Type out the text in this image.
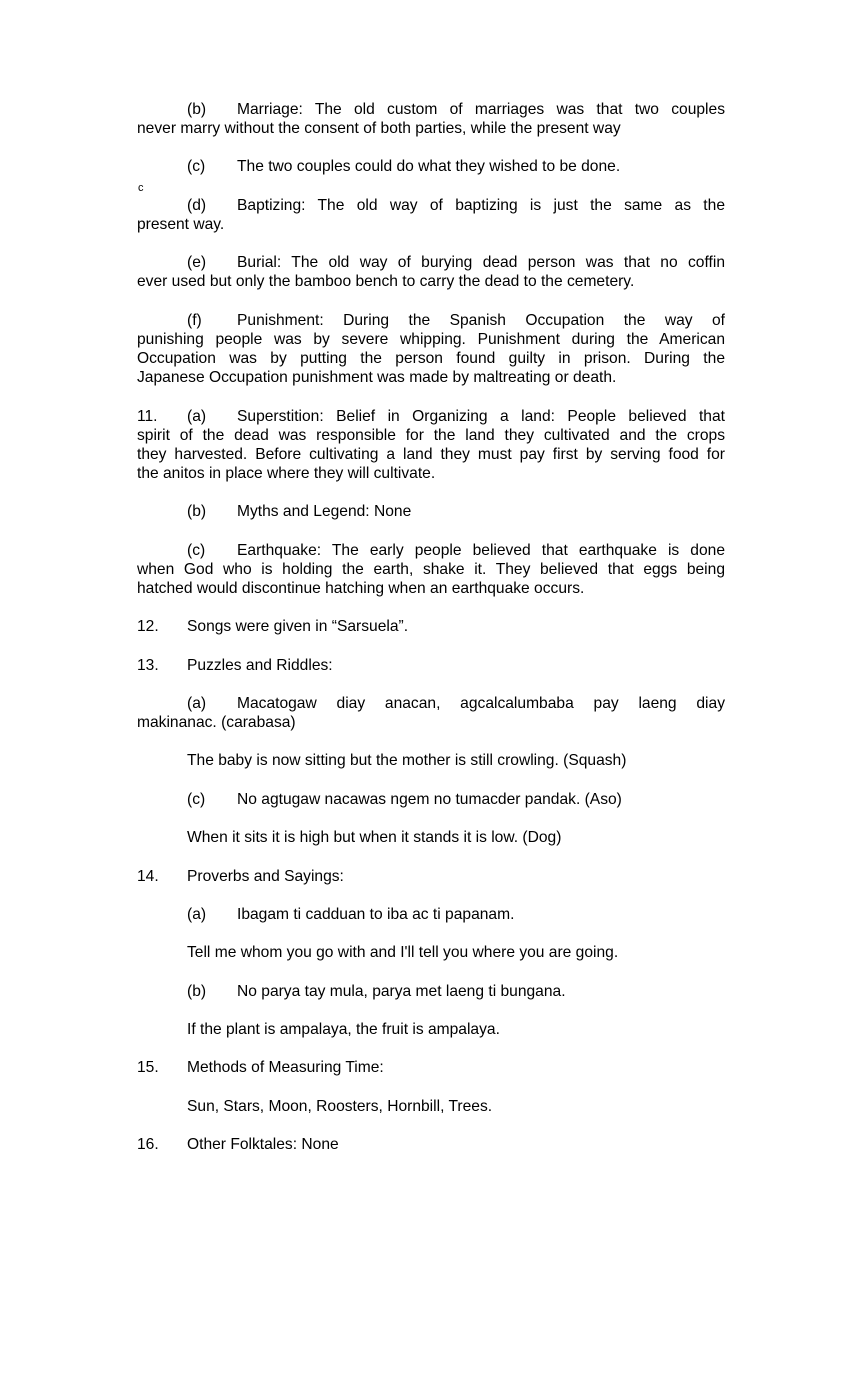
(b) Marriage: The old custom of marriages was that two couples
never marry without the consent of both parties, while the present way
(c) The two couples could do what they wished to be done.
c
(d) Baptizing: The old way of baptizing is just the same as the
present way.
(e) Burial: The old way of burying dead person was that no coffin
ever used but only the bamboo bench to carry the dead to the cemetery.
(f) Punishment: During the Spanish Occupation the way of
punishing people was by severe whipping. Punishment during the American
Occupation was by putting the person found guilty in prison. During the
Japanese Occupation punishment was made by maltreating or death.
11. (a) Superstition: Belief in Organizing a land: People believed that
spirit of the dead was responsible for the land they cultivated and the crops
they harvested. Before cultivating a land they must pay first by serving food for
the anitos in place where they will cultivate.
(b) Myths and Legend: None
(c) Earthquake: The early people believed that earthquake is done
when God who is holding the earth, shake it. They believed that eggs being
hatched would discontinue hatching when an earthquake occurs.
12. Songs were given in “Sarsuela”.
13. Puzzles and Riddles:
(a) Macatogaw diay anacan, agcalcalumbaba pay laeng diay
makinanac. (carabasa)
The baby is now sitting but the mother is still crowling. (Squash)
(c) No agtugaw nacawas ngem no tumacder pandak. (Aso)
When it sits it is high but when it stands it is low. (Dog)
14. Proverbs and Sayings:
(a) Ibagam ti cadduan to iba ac ti papanam.
Tell me whom you go with and I'll tell you where you are going.
(b) No parya tay mula, parya met laeng ti bungana.
If the plant is ampalaya, the fruit is ampalaya.
15. Methods of Measuring Time:
Sun, Stars, Moon, Roosters, Hornbill, Trees.
16. Other Folktales: None
